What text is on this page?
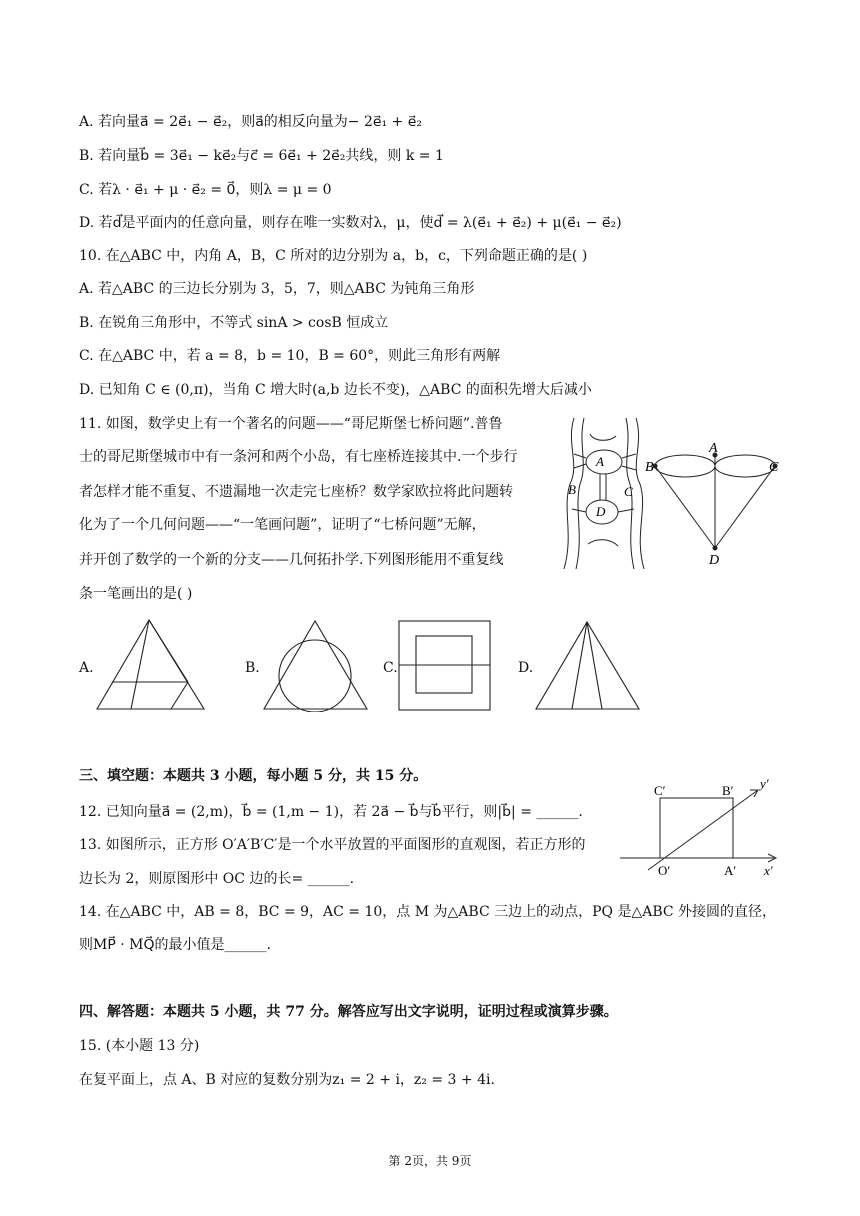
A. 若向量a⃗ = 2e⃗₁ − e⃗₂，则a⃗的相反向量为− 2e⃗₁ + e⃗₂
B. 若向量b⃗ = 3e⃗₁ − ke⃗₂与c⃗ = 6e⃗₁ + 2e⃗₂共线，则 k = 1
C. 若λ · e⃗₁ + μ · e⃗₂ = 0⃗，则λ = μ = 0
D. 若d⃗是平面内的任意向量，则存在唯一实数对λ，μ，使d⃗ = λ(e⃗₁ + e⃗₂) + μ(e⃗₁ − e⃗₂)
10. 在△ABC 中，内角 A，B，C 所对的边分别为 a，b，c，下列命题正确的是( )
A. 若△ABC 的三边长分别为 3，5，7，则△ABC 为钝角三角形
B. 在锐角三角形中，不等式 sinA > cosB 恒成立
C. 在△ABC 中，若 a = 8，b = 10，B = 60°，则此三角形有两解
D. 已知角 C ∈ (0,π)，当角 C 增大时(a,b 边长不变)，△ABC 的面积先增大后减小
11. 如图，数学史上有一个著名的问题——“哥尼斯堡七桥问题”.普鲁
士的哥尼斯堡城市中有一条河和两个小岛，有七座桥连接其中.一个步行
者怎样才能不重复、不遗漏地一次走完七座桥？数学家欧拉将此问题转
化为了一个几何问题——“一笔画问题”，证明了“七桥问题”无解，
并开创了数学的一个新的分支——几何拓扑学.下列图形能用不重复线
条一笔画出的是( )
A
B	C
D
A
B	C
D
A.	B.	C.	D.
三、填空题：本题共 3 小题，每小题 5 分，共 15 分。
12. 已知向量a⃗ = (2,m)，b⃗ = (1,m − 1)，若 2a⃗ − b⃗与b⃗平行，则|b⃗| = ______.
13. 如图所示，正方形 O′A′B′C′是一个水平放置的平面图形的直观图，若正方形的
边长为 2，则原图形中 OC 边的长= ______.
C′	B′ y′
O′	A′ x′
14. 在△ABC 中，AB = 8，BC = 9，AC = 10，点 M 为△ABC 三边上的动点，PQ 是△ABC 外接圆的直径，
则MP⃗ · MQ⃗的最小值是______.
四、解答题：本题共 5 小题，共 77 分。解答应写出文字说明，证明过程或演算步骤。
15. (本小题 13 分)
在复平面上，点 A、B 对应的复数分别为z₁ = 2 + i，z₂ = 3 + 4i.
第 2页，共 9页
